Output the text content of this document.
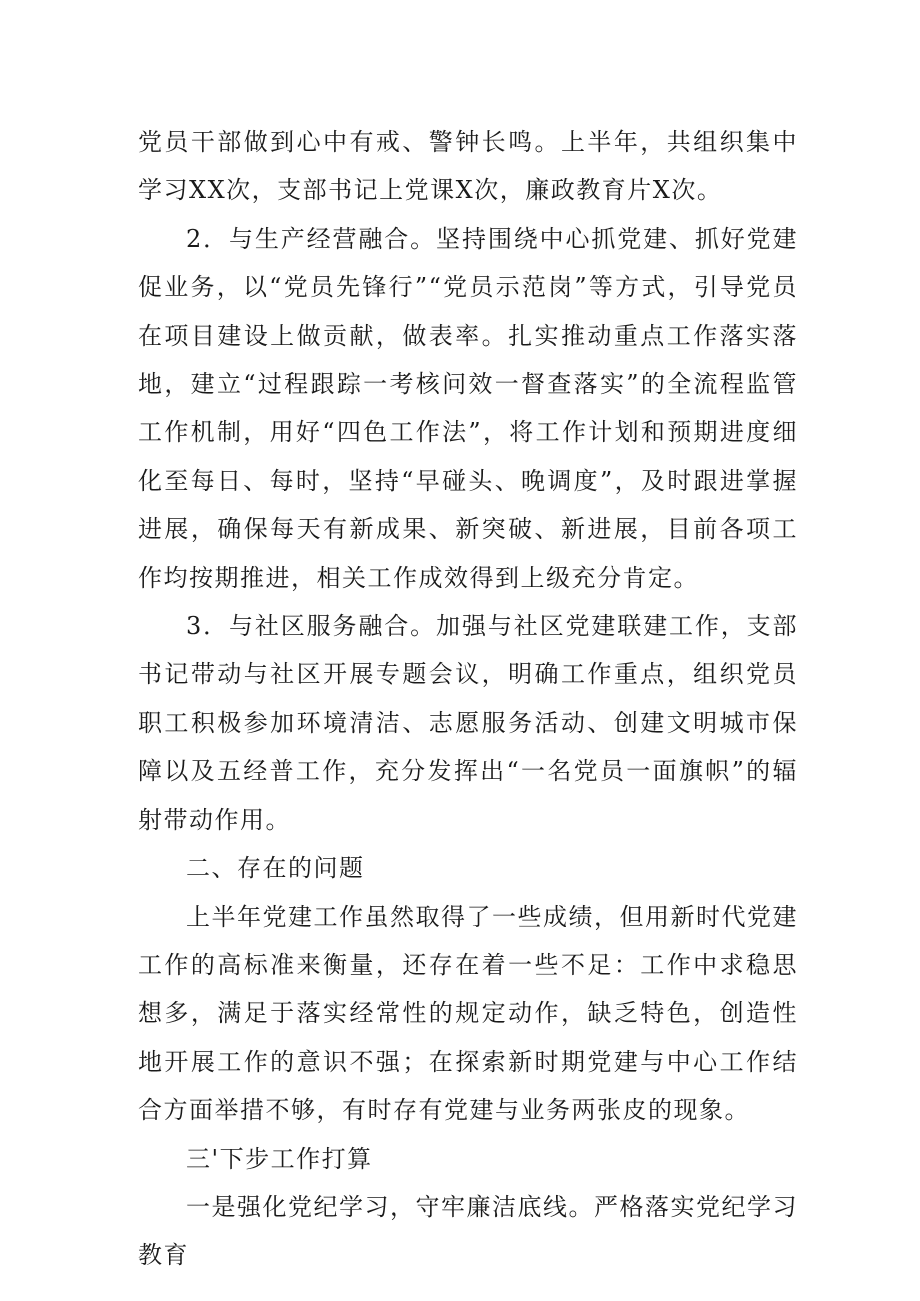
党员干部做到心中有戒、警钟长鸣。上半年，共组织集中学习XX次，支部书记上党课X次，廉政教育片X次。

2．与生产经营融合。坚持围绕中心抓党建、抓好党建促业务，以“党员先锋行”“党员示范岗”等方式，引导党员在项目建设上做贡献，做表率。扎实推动重点工作落实落地，建立“过程跟踪一考核问效一督查落实”的全流程监管工作机制，用好“四色工作法”，将工作计划和预期进度细化至每日、每时，坚持“早碰头、晚调度”，及时跟进掌握进展，确保每天有新成果、新突破、新进展，目前各项工作均按期推进，相关工作成效得到上级充分肯定。

3．与社区服务融合。加强与社区党建联建工作，支部书记带动与社区开展专题会议，明确工作重点，组织党员职工积极参加环境清洁、志愿服务活动、创建文明城市保障以及五经普工作，充分发挥出“一名党员一面旗帜”的辐射带动作用。

二、存在的问题

上半年党建工作虽然取得了一些成绩，但用新时代党建工作的高标准来衡量，还存在着一些不足：工作中求稳思想多，满足于落实经常性的规定动作，缺乏特色，创造性地开展工作的意识不强；在探索新时期党建与中心工作结合方面举措不够，有时存有党建与业务两张皮的现象。

三'下步工作打算

一是强化党纪学习，守牢廉洁底线。严格落实党纪学习教育
